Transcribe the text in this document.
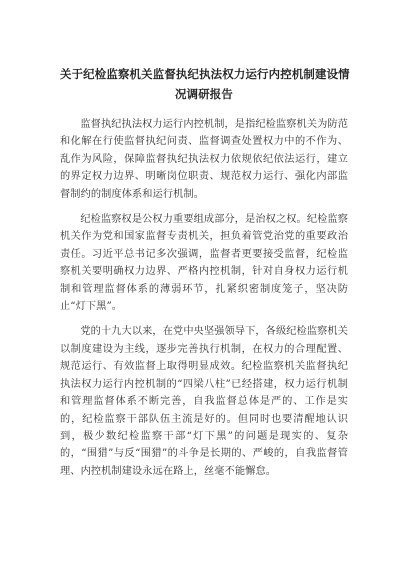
关于纪检监察机关监督执纪执法权力运行内控机制建设情
况调研报告

监督执纪执法权力运行内控机制，是指纪检监察机关为防范和化解在行使监督执纪问责、监督调查处置权力中的不作为、乱作为风险，保障监督执纪执法权力依规依纪依法运行，建立的界定权力边界、明晰岗位职责、规范权力运行、强化内部监督制约的制度体系和运行机制。

纪检监察权是公权力重要组成部分，是治权之权。纪检监察机关作为党和国家监督专责机关，担负着管党治党的重要政治责任。习近平总书记多次强调，监督者更要接受监督，纪检监察机关要明确权力边界、严格内控机制，针对自身权力运行机制和管理监督体系的薄弱环节，扎紧织密制度笼子，坚决防止“灯下黑”。

党的十九大以来，在党中央坚强领导下，各级纪检监察机关以制度建设为主线，逐步完善执行机制，在权力的合理配置、规范运行、有效监督上取得明显成效。纪检监察机关监督执纪执法权力运行内控机制的“四梁八柱”已经搭建，权力运行机制和管理监督体系不断完善，自我监督总体是严的、工作是实的，纪检监察干部队伍主流是好的。但同时也要清醒地认识到，极少数纪检监察干部“灯下黑”的问题是现实的、复杂的，“围猎”与反“围猎”的斗争是长期的、严峻的，自我监督管理、内控机制建设永远在路上，丝毫不能懈怠。
